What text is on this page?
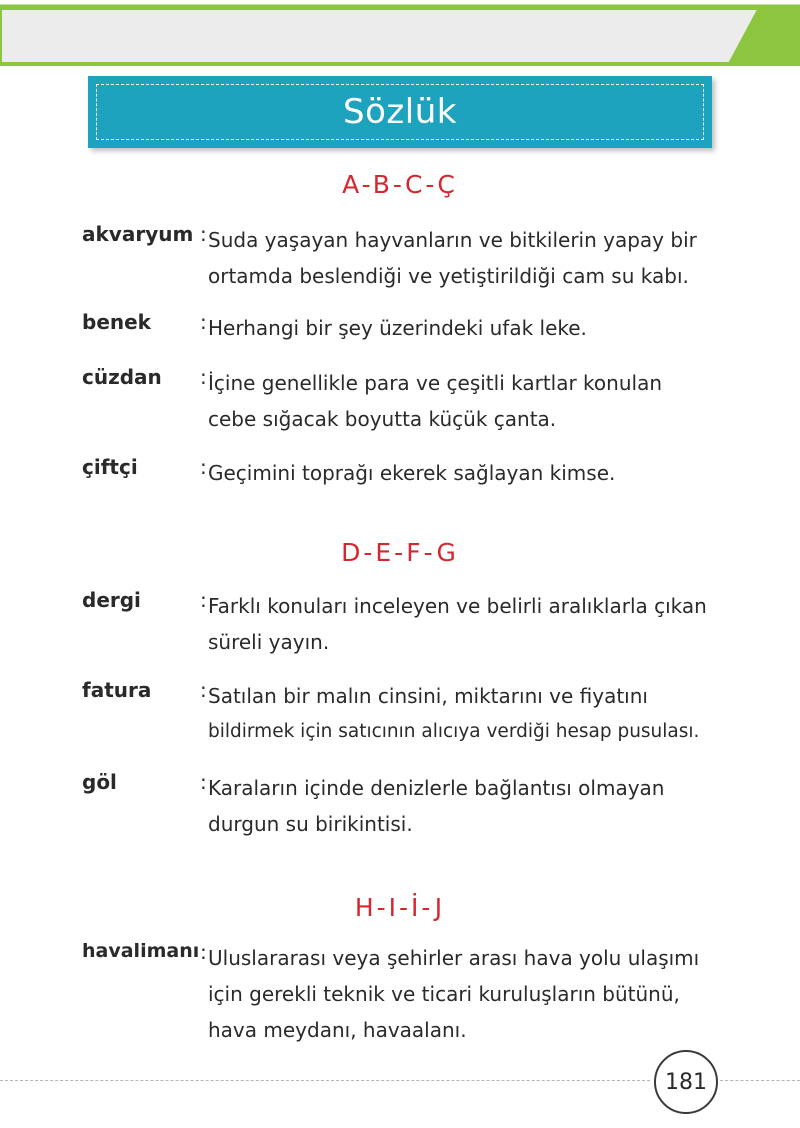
Sözlük
A-B-C-Ç
akvaryum : Suda yaşayan hayvanların ve bitkilerin yapay bir
ortamda beslendiği ve yetiştirildiği cam su kabı.
benek : Herhangi bir şey üzerindeki ufak leke.
cüzdan : İçine genellikle para ve çeşitli kartlar konulan
cebe sığacak boyutta küçük çanta.
çiftçi	: Geçimini toprağı ekerek sağlayan kimse.
D-E-F-G
dergi	: Farklı konuları inceleyen ve belirli aralıklarla çıkan
süreli yayın.
fatura : Satılan bir malın cinsini, miktarını ve fiyatını
bildirmek için satıcının alıcıya verdiği hesap pusulası.
göl	: Karaların içinde denizlerle bağlantısı olmayan
durgun su birikintisi.
H-I-İ-J
havalimanı : Uluslararası veya şehirler arası hava yolu ulaşımı
için gerekli teknik ve ticari kuruluşların bütünü,
hava meydanı, havaalanı.
181
